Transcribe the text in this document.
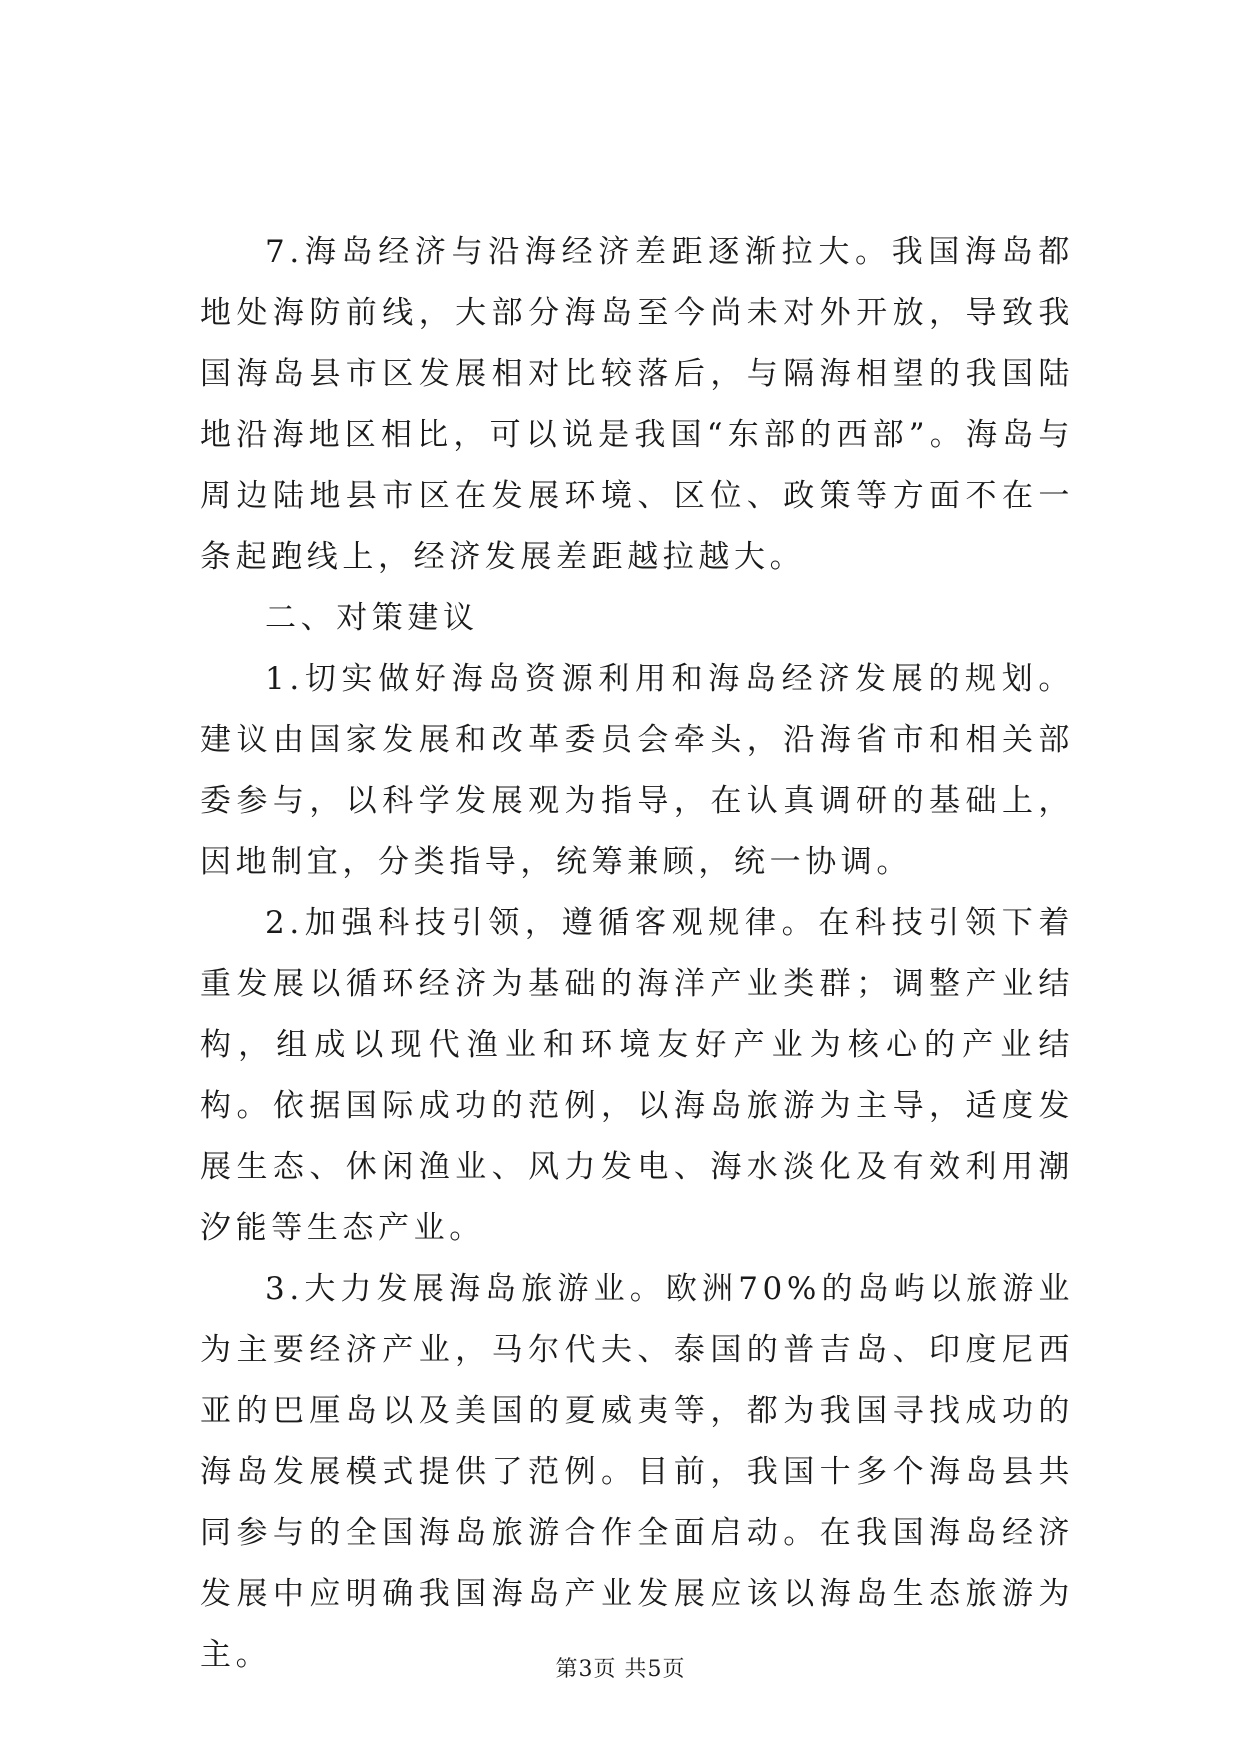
7.海岛经济与沿海经济差距逐渐拉大。我国海岛都地处海防前线，大部分海岛至今尚未对外开放，导致我国海岛县市区发展相对比较落后，与隔海相望的我国陆地沿海地区相比，可以说是我国“东部的西部”。海岛与周边陆地县市区在发展环境、区位、政策等方面不在一条起跑线上，经济发展差距越拉越大。

二、对策建议

1.切实做好海岛资源利用和海岛经济发展的规划。建议由国家发展和改革委员会牵头，沿海省市和相关部委参与，以科学发展观为指导，在认真调研的基础上，因地制宜，分类指导，统筹兼顾，统一协调。

2.加强科技引领，遵循客观规律。在科技引领下着重发展以循环经济为基础的海洋产业类群；调整产业结构，组成以现代渔业和环境友好产业为核心的产业结构。依据国际成功的范例，以海岛旅游为主导，适度发展生态、休闲渔业、风力发电、海水淡化及有效利用潮汐能等生态产业。

3.大力发展海岛旅游业。欧洲70%的岛屿以旅游业为主要经济产业，马尔代夫、泰国的普吉岛、印度尼西亚的巴厘岛以及美国的夏威夷等，都为我国寻找成功的海岛发展模式提供了范例。目前，我国十多个海岛县共同参与的全国海岛旅游合作全面启动。在我国海岛经济发展中应明确我国海岛产业发展应该以海岛生态旅游为主。	第3页 共5页
